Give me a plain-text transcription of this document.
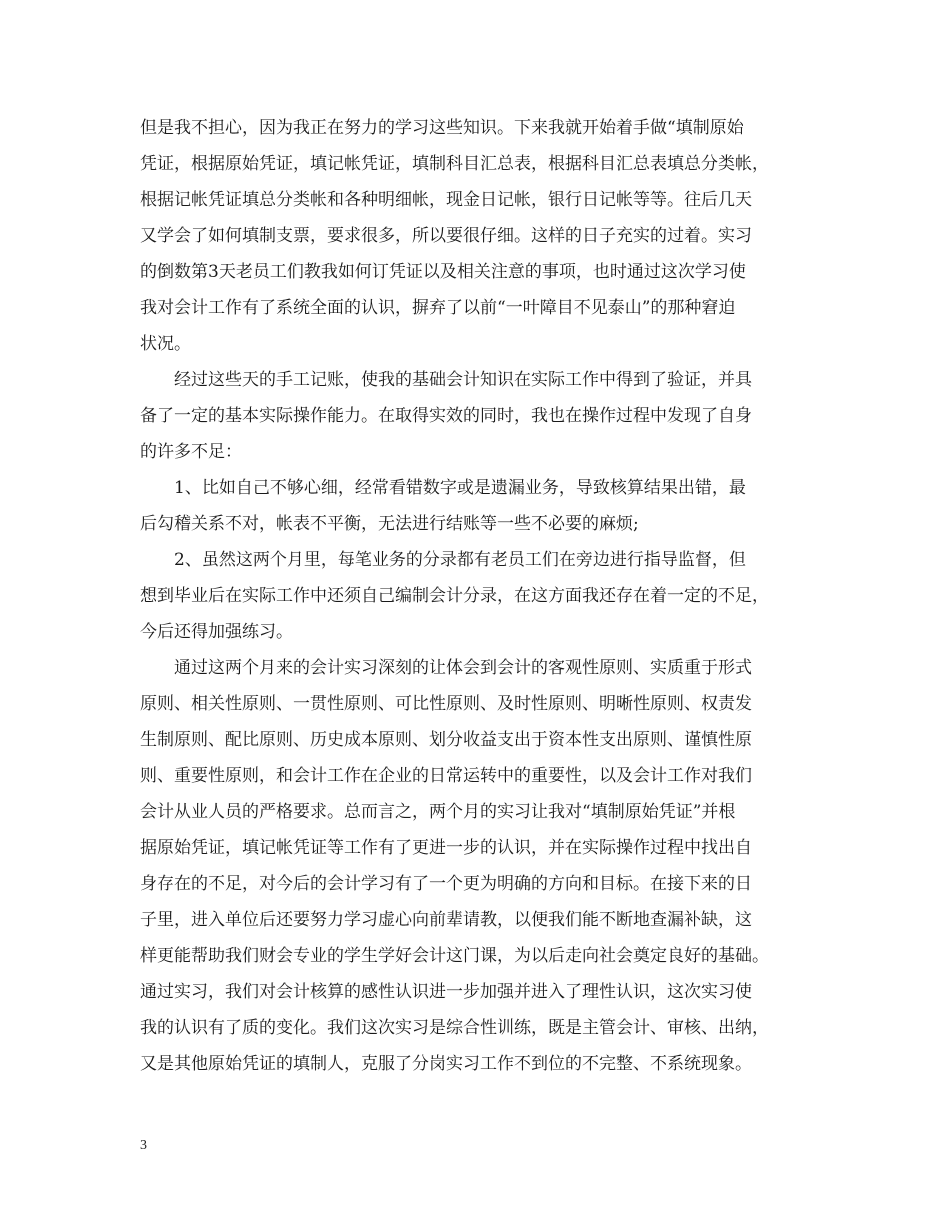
但是我不担心，因为我正在努力的学习这些知识。下来我就开始着手做“填制原始
凭证，根据原始凭证，填记帐凭证，填制科目汇总表，根据科目汇总表填总分类帐，
根据记帐凭证填总分类帐和各种明细帐，现金日记帐，银行日记帐等等。往后几天
又学会了如何填制支票，要求很多，所以要很仔细。这样的日子充实的过着。实习
的倒数第3天老员工们教我如何订凭证以及相关注意的事项，也时通过这次学习使
我对会计工作有了系统全面的认识，摒弃了以前“一叶障目不见泰山”的那种窘迫
状况。
经过这些天的手工记账，使我的基础会计知识在实际工作中得到了验证，并具
备了一定的基本实际操作能力。在取得实效的同时，我也在操作过程中发现了自身
的许多不足：
1、比如自己不够心细，经常看错数字或是遗漏业务，导致核算结果出错，最
后勾稽关系不对，帐表不平衡，无法进行结账等一些不必要的麻烦;
2、虽然这两个月里，每笔业务的分录都有老员工们在旁边进行指导监督，但
想到毕业后在实际工作中还须自己编制会计分录，在这方面我还存在着一定的不足，
今后还得加强练习。
通过这两个月来的会计实习深刻的让体会到会计的客观性原则、实质重于形式
原则、相关性原则、一贯性原则、可比性原则、及时性原则、明晰性原则、权责发
生制原则、配比原则、历史成本原则、划分收益支出于资本性支出原则、谨慎性原
则、重要性原则，和会计工作在企业的日常运转中的重要性，以及会计工作对我们
会计从业人员的严格要求。总而言之，两个月的实习让我对“填制原始凭证”并根
据原始凭证，填记帐凭证等工作有了更进一步的认识，并在实际操作过程中找出自
身存在的不足，对今后的会计学习有了一个更为明确的方向和目标。在接下来的日
子里，进入单位后还要努力学习虚心向前辈请教，以便我们能不断地查漏补缺，这
样更能帮助我们财会专业的学生学好会计这门课，为以后走向社会奠定良好的基础。
通过实习，我们对会计核算的感性认识进一步加强并进入了理性认识，这次实习使
我的认识有了质的变化。我们这次实习是综合性训练，既是主管会计、审核、出纳，
又是其他原始凭证的填制人，克服了分岗实习工作不到位的不完整、不系统现象。
3
